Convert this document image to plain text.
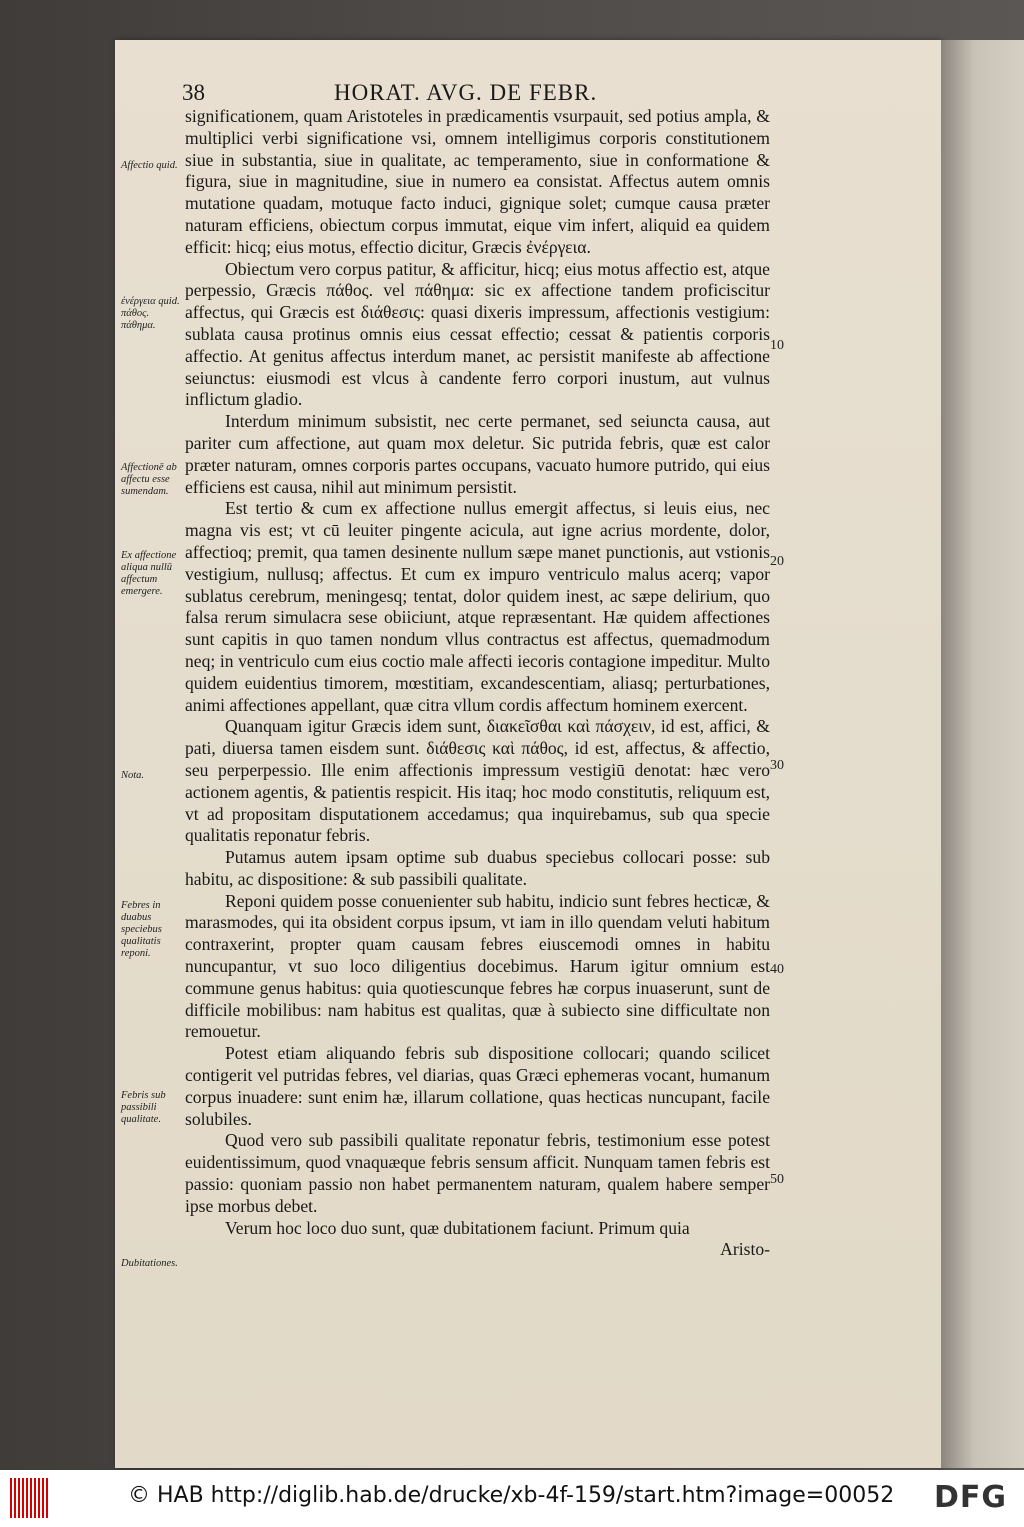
38	HORAT. AVG. DE FEBR.
Affectio quid.
ἐνέργεια quid. πάθος. πάθημα.
Affectionē ab affectu esse sumendam.
Ex affectione aliqua nullū affectum emergere.
Nota.
Febres in duabus speciebus qualitatis reponi.
Febris sub passibili qualitate.
Dubitationes.
10
20
30
40
50

significationem, quam Aristoteles in prædicamentis vsurpauit, sed potius ampla, & multiplici verbi significatione vsi, omnem intelligimus corporis constitutionem siue in substantia, siue in qualitate, ac temperamento, siue in conformatione & figura, siue in magnitudine, siue in numero ea consistat. Affectus autem omnis mutatione quadam, motuque facto induci, gignique solet; cumque causa præter naturam efficiens, obiectum corpus immutat, eique vim infert, aliquid ea quidem efficit: hicq; eius motus, effectio dicitur, Græcis ἐνέργεια.

Obiectum vero corpus patitur, & afficitur, hicq; eius motus affectio est, atque perpessio, Græcis πάθος. vel πάθημα: sic ex affectione tandem proficiscitur affectus, qui Græcis est διάθεσις: quasi dixeris impressum, affectionis vestigium: sublata causa protinus omnis eius cessat effectio; cessat & patientis corporis affectio. At genitus affectus interdum manet, ac persistit manifeste ab affectione seiunctus: eiusmodi est vlcus à candente ferro corpori inustum, aut vulnus inflictum gladio.

Interdum minimum subsistit, nec certe permanet, sed seiuncta causa, aut pariter cum affectione, aut quam mox deletur. Sic putrida febris, quæ est calor præter naturam, omnes corporis partes occupans, vacuato humore putrido, qui eius efficiens est causa, nihil aut minimum persistit.

Est tertio & cum ex affectione nullus emergit affectus, si leuis eius, nec magna vis est; vt cū leuiter pingente acicula, aut igne acrius mordente, dolor, affectioq; premit, qua tamen desinente nullum sæpe manet punctionis, aut vstionis vestigium, nullusq; affectus. Et cum ex impuro ventriculo malus acerq; vapor sublatus cerebrum, meningesq; tentat, dolor quidem inest, ac sæpe delirium, quo falsa rerum simulacra sese obiiciunt, atque repræsentant. Hæ quidem affectiones sunt capitis in quo tamen nondum vllus contractus est affectus, quemadmodum neq; in ventriculo cum eius coctio male affecti iecoris contagione impeditur. Multo quidem euidentius timorem, mœstitiam, excandescentiam, aliasq; perturbationes, animi affectiones appellant, quæ citra vllum cordis affectum hominem exercent.

Quanquam igitur Græcis idem sunt, διακεῖσθαι καὶ πάσχειν, id est, affici, & pati, diuersa tamen eisdem sunt. διάθεσις καὶ πάθος, id est, affectus, & affectio, seu perperpessio. Ille enim affectionis impressum vestigiū denotat: hæc vero actionem agentis, & patientis respicit. His itaq; hoc modo constitutis, reliquum est, vt ad propositam disputationem accedamus; qua inquirebamus, sub qua specie qualitatis reponatur febris.

Putamus autem ipsam optime sub duabus speciebus collocari posse: sub habitu, ac dispositione: & sub passibili qualitate.

Reponi quidem posse conuenienter sub habitu, indicio sunt febres hecticæ, & marasmodes, qui ita obsident corpus ipsum, vt iam in illo quendam veluti habitum contraxerint, propter quam causam febres eiuscemodi omnes in habitu nuncupantur, vt suo loco diligentius docebimus. Harum igitur omnium est commune genus habitus: quia quotiescunque febres hæ corpus inuaserunt, sunt de difficile mobilibus: nam habitus est qualitas, quæ à subiecto sine difficultate non remouetur.

Potest etiam aliquando febris sub dispositione collocari; quando scilicet contigerit vel putridas febres, vel diarias, quas Græci ephemeras vocant, humanum corpus inuadere: sunt enim hæ, illarum collatione, quas hecticas nuncupant, facile solubiles.

Quod vero sub passibili qualitate reponatur febris, testimonium esse potest euidentissimum, quod vnaquæque febris sensum afficit. Nunquam tamen febris est passio: quoniam passio non habet permanentem naturam, qualem habere semper ipse morbus debet.

Verum hoc loco duo sunt, quæ dubitationem faciunt. Primum quia

Aristo-

© HAB http://diglib.hab.de/drucke/xb-4f-159/start.htm?image=00052 DFG
